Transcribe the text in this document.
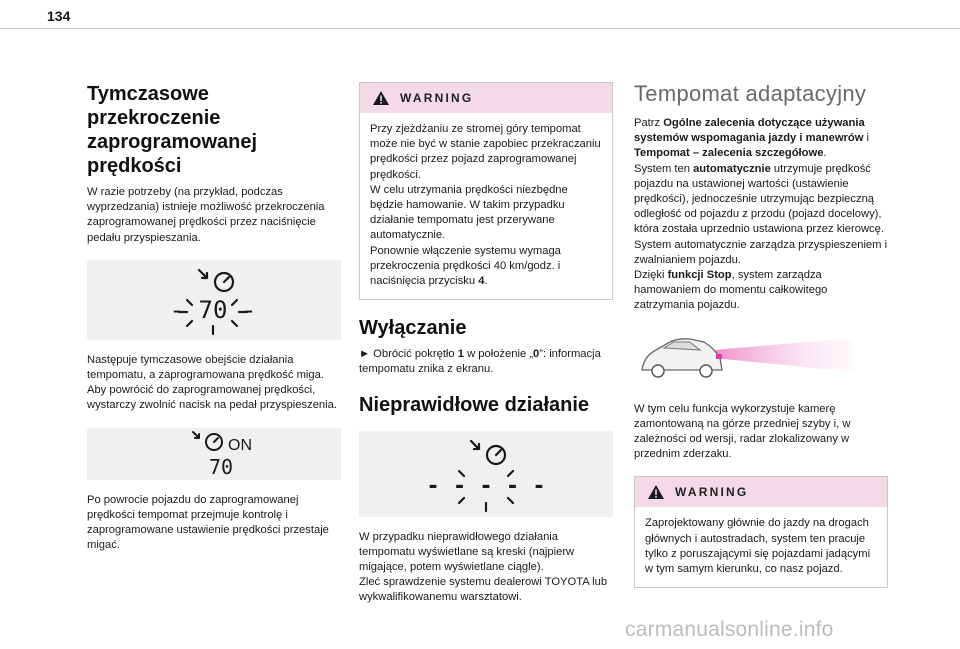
134
Tymczasowe przekroczenie
zaprogramowanej prędkości

W razie potrzeby (na przykład, podczas wyprzedzania) istnieje możliwość przekroczenia zaprogramowanej prędkości przez naciśnięcie pedału przyspieszania.

- 70 -

Następuje tymczasowe obejście działania tempomatu, a zaprogramowana prędkość miga. Aby powrócić do zaprogramowanej prędkości, wystarczy zwolnić nacisk na pedał przyspieszenia.

ON
70

Po powrocie pojazdu do zaprogramowanej prędkości tempomat przejmuje kontrolę i zaprogramowane ustawienie prędkości przestaje migać.

WARNING

Przy zjeżdżaniu ze stromej góry tempomat może nie być w stanie zapobiec przekraczaniu prędkości przez pojazd zaprogramowanej prędkości.

W celu utrzymania prędkości niezbędne będzie hamowanie. W takim przypadku działanie tempomatu jest przerywane automatycznie.

Ponownie włączenie systemu wymaga przekroczenia prędkości 40 km/godz. i naciśnięcia przycisku 4.

Wyłączanie

► Obrócić pokrętło 1 w położenie „0”: informacja tempomatu znika z ekranu.

Nieprawidłowe działanie
- - - - -

W przypadku nieprawidłowego działania tempomatu wyświetlane są kreski (najpierw migające, potem wyświetlane ciągle).

Zleć sprawdzenie systemu dealerowi TOYOTA lub wykwalifikowanemu warsztatowi.

Tempomat adaptacyjny

Patrz Ogólne zalecenia dotyczące używania systemów wspomagania jazdy i manewrów i Tempomat – zalecenia szczegółowe.

System ten automatycznie utrzymuje prędkość pojazdu na ustawionej wartości (ustawienie prędkości), jednocześnie utrzymując bezpieczną odległość od pojazdu z przodu (pojazd docelowy), która została uprzednio ustawiona przez kierowcę. System automatycznie zarządza przyspieszeniem i zwalnianiem pojazdu.

Dzięki funkcji Stop, system zarządza hamowaniem do momentu całkowitego zatrzymania pojazdu.

W tym celu funkcja wykorzystuje kamerę zamontowaną na górze przedniej szyby i, w zależności od wersji, radar zlokalizowany w przednim zderzaku.

WARNING

Zaprojektowany głównie do jazdy na drogach głównych i autostradach, system ten pracuje tylko z poruszającymi się pojazdami jadącymi w tym samym kierunku, co nasz pojazd.

carmanualsonline.info
